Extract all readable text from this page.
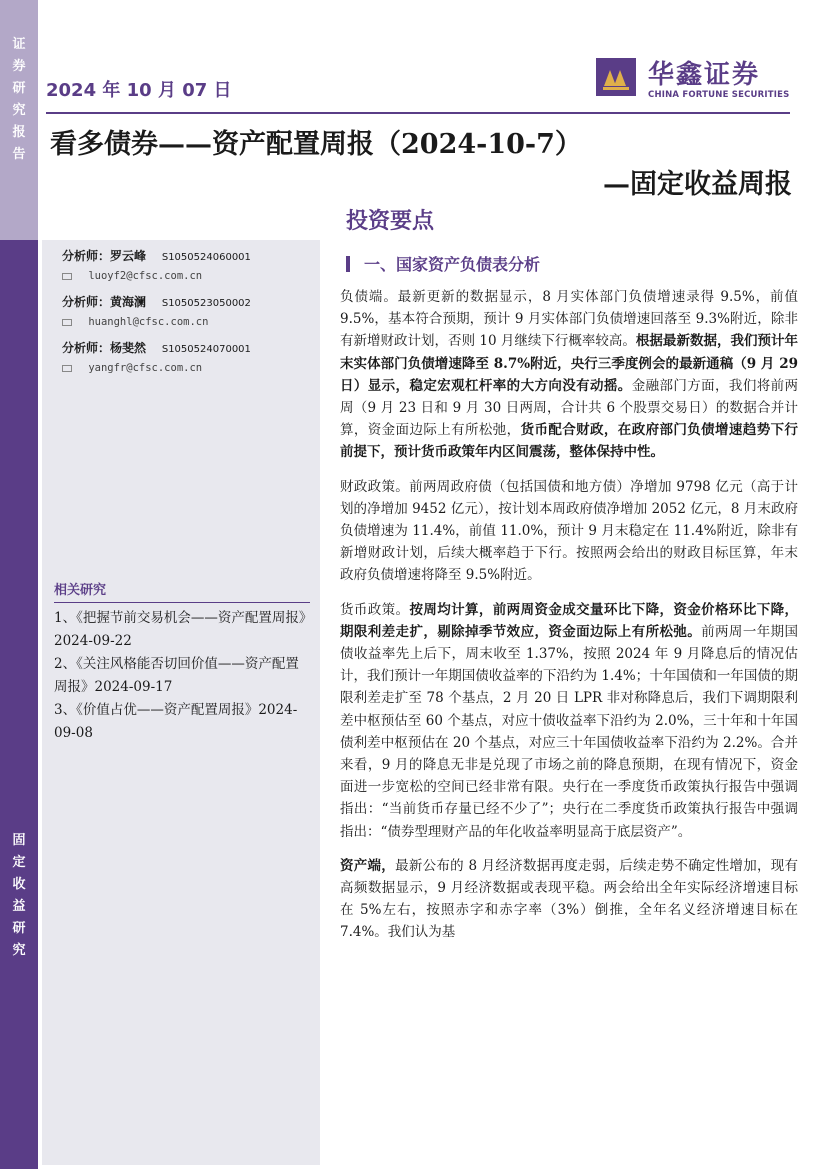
证
券
研
究
报
告
固
定
收
益
研
究
2024 年 10 月 07 日
华鑫证券
CHINA FORTUNE SECURITIES
看多债券——资产配置周报（2024-10-7）
—固定收益周报
投资要点
分析师：罗云峰 S1050524060001
luoyf2@cfsc.com.cn
分析师：黄海澜 S1050523050002
huanghl@cfsc.com.cn
分析师：杨斐然 S1050524070001
yangfr@cfsc.com.cn
相关研究
1、《把握节前交易机会——资产配置周报》2024-09-22
2、《关注风格能否切回价值——资产配置周报》2024-09-17
3、《价值占优——资产配置周报》2024-09-08
一、国家资产负债表分析

负债端。最新更新的数据显示，8 月实体部门负债增速录得 9.5%，前值 9.5%，基本符合预期，预计 9 月实体部门负债增速回落至 9.3%附近，除非有新增财政计划，否则 10 月继续下行概率较高。根据最新数据，我们预计年末实体部门负债增速降至 8.7%附近，央行三季度例会的最新通稿（9 月 29 日）显示，稳定宏观杠杆率的大方向没有动摇。金融部门方面，我们将前两周（9 月 23 日和 9 月 30 日两周，合计共 6 个股票交易日）的数据合并计算，资金面边际上有所松弛，货币配合财政，在政府部门负债增速趋势下行前提下，预计货币政策年内区间震荡，整体保持中性。

财政政策。前两周政府债（包括国债和地方债）净增加 9798 亿元（高于计划的净增加 9452 亿元），按计划本周政府债净增加 2052 亿元，8 月末政府负债增速为 11.4%，前值 11.0%，预计 9 月末稳定在 11.4%附近，除非有新增财政计划，后续大概率趋于下行。按照两会给出的财政目标匡算，年末政府负债增速将降至 9.5%附近。

货币政策。按周均计算，前两周资金成交量环比下降，资金价格环比下降，期限利差走扩，剔除掉季节效应，资金面边际上有所松弛。前两周一年期国债收益率先上后下，周末收至 1.37%，按照 2024 年 9 月降息后的情况估计，我们预计一年期国债收益率的下沿约为 1.4%；十年国债和一年国债的期限利差走扩至 78 个基点，2 月 20 日 LPR 非对称降息后，我们下调期限利差中枢预估至 60 个基点，对应十债收益率下沿约为 2.0%，三十年和十年国债利差中枢预估在 20 个基点，对应三十年国债收益率下沿约为 2.2%。合并来看，9 月的降息无非是兑现了市场之前的降息预期，在现有情况下，资金面进一步宽松的空间已经非常有限。央行在一季度货币政策执行报告中强调指出：“当前货币存量已经不少了”；央行在二季度货币政策执行报告中强调指出：“债券型理财产品的年化收益率明显高于底层资产”。

资产端，最新公布的 8 月经济数据再度走弱，后续走势不确定性增加，现有高频数据显示，9 月经济数据或表现平稳。两会给出全年实际经济增速目标在 5%左右，按照赤字和赤字率（3%）倒推，全年名义经济增速目标在 7.4%。我们认为基
